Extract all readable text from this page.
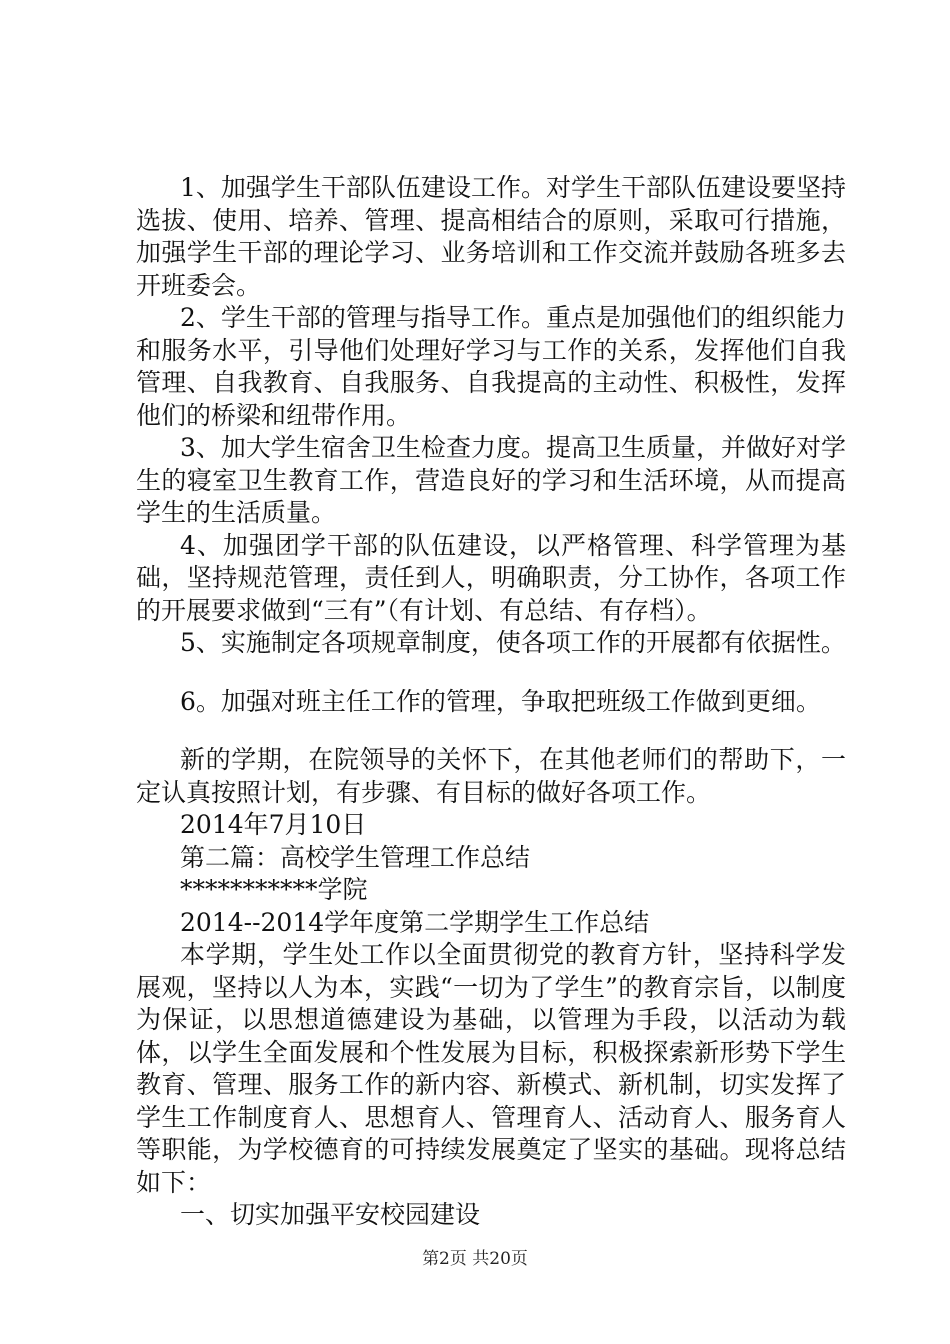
1、加强学生干部队伍建设工作。对学生干部队伍建设要坚持选拔、使用、培养、管理、提高相结合的原则，采取可行措施，加强学生干部的理论学习、业务培训和工作交流并鼓励各班多去开班委会。

2、学生干部的管理与指导工作。重点是加强他们的组织能力和服务水平，引导他们处理好学习与工作的关系，发挥他们自我管理、自我教育、自我服务、自我提高的主动性、积极性，发挥他们的桥梁和纽带作用。

3、加大学生宿舍卫生检查力度。提高卫生质量，并做好对学生的寝室卫生教育工作，营造良好的学习和生活环境，从而提高学生的生活质量。

4、加强团学干部的队伍建设，以严格管理、科学管理为基础，坚持规范管理，责任到人，明确职责，分工协作，各项工作的开展要求做到“三有”（有计划、有总结、有存档）。

5、实施制定各项规章制度，使各项工作的开展都有依据性。

6。加强对班主任工作的管理，争取把班级工作做到更细。

新的学期，在院领导的关怀下，在其他老师们的帮助下，一定认真按照计划，有步骤、有目标的做好各项工作。

2014年7月10日

第二篇：高校学生管理工作总结

***********学院

2014--2014学年度第二学期学生工作总结

本学期，学生处工作以全面贯彻党的教育方针，坚持科学发展观，坚持以人为本，实践“一切为了学生”的教育宗旨，以制度为保证，以思想道德建设为基础，以管理为手段，以活动为载体，以学生全面发展和个性发展为目标，积极探索新形势下学生教育、管理、服务工作的新内容、新模式、新机制，切实发挥了学生工作制度育人、思想育人、管理育人、活动育人、服务育人等职能，为学校德育的可持续发展奠定了坚实的基础。现将总结如下：

一、切实加强平安校园建设

第2页 共20页
